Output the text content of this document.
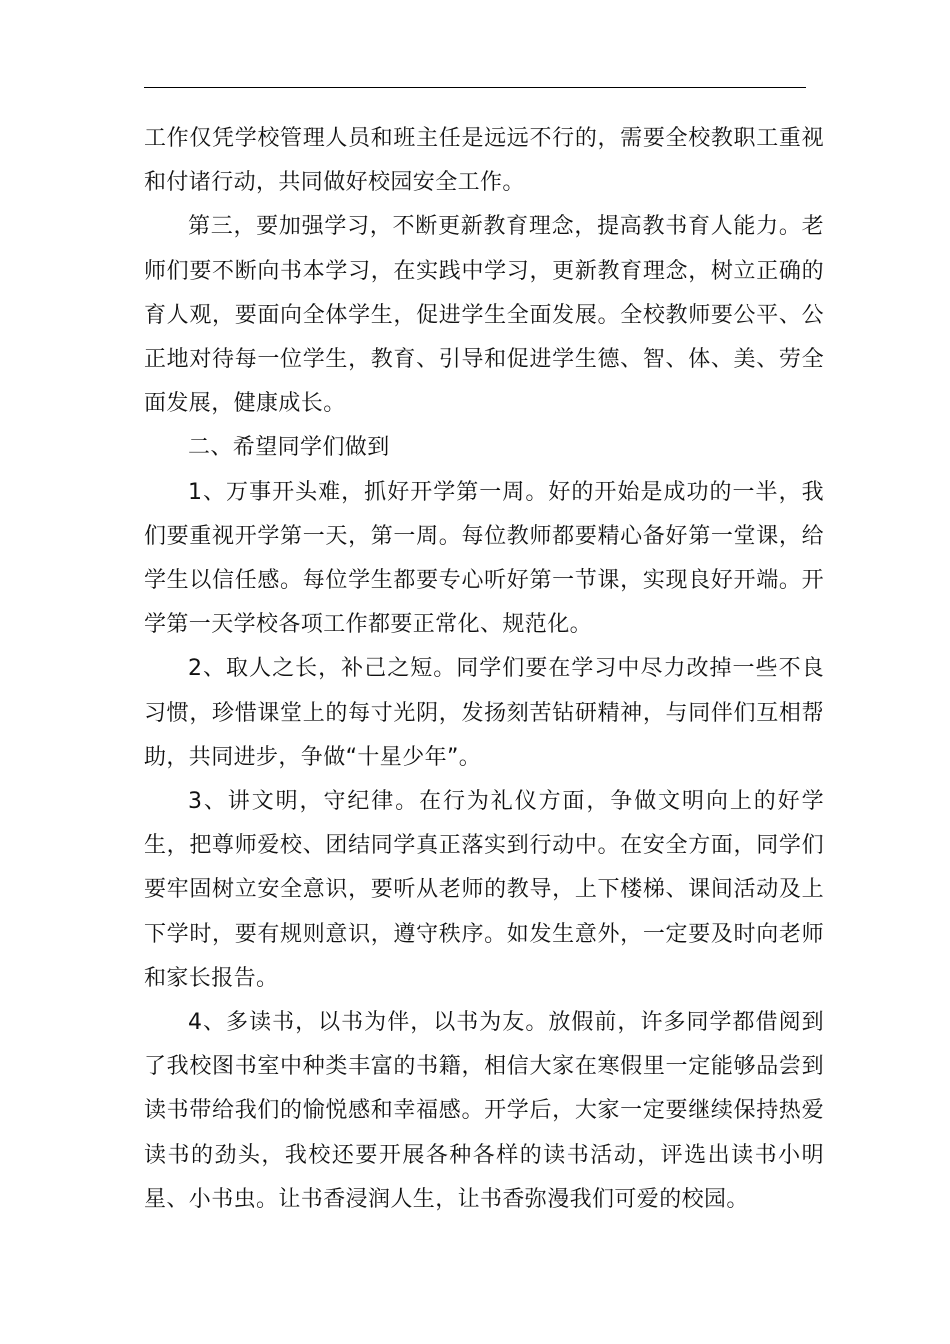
工作仅凭学校管理人员和班主任是远远不行的，需要全校教职工重视和付诸行动，共同做好校园安全工作。

第三，要加强学习，不断更新教育理念，提高教书育人能力。老师们要不断向书本学习，在实践中学习，更新教育理念，树立正确的育人观，要面向全体学生，促进学生全面发展。全校教师要公平、公正地对待每一位学生，教育、引导和促进学生德、智、体、美、劳全面发展，健康成长。

二、希望同学们做到

1、万事开头难，抓好开学第一周。好的开始是成功的一半，我们要重视开学第一天，第一周。每位教师都要精心备好第一堂课，给学生以信任感。每位学生都要专心听好第一节课，实现良好开端。开学第一天学校各项工作都要正常化、规范化。

2、取人之长，补己之短。同学们要在学习中尽力改掉一些不良习惯，珍惜课堂上的每寸光阴，发扬刻苦钻研精神，与同伴们互相帮助，共同进步，争做“十星少年”。

3、讲文明，守纪律。在行为礼仪方面，争做文明向上的好学生，把尊师爱校、团结同学真正落实到行动中。在安全方面，同学们要牢固树立安全意识，要听从老师的教导，上下楼梯、课间活动及上下学时，要有规则意识，遵守秩序。如发生意外，一定要及时向老师和家长报告。

4、多读书，以书为伴，以书为友。放假前，许多同学都借阅到了我校图书室中种类丰富的书籍，相信大家在寒假里一定能够品尝到读书带给我们的愉悦感和幸福感。开学后，大家一定要继续保持热爱读书的劲头，我校还要开展各种各样的读书活动，评选出读书小明星、小书虫。让书香浸润人生，让书香弥漫我们可爱的校园。
